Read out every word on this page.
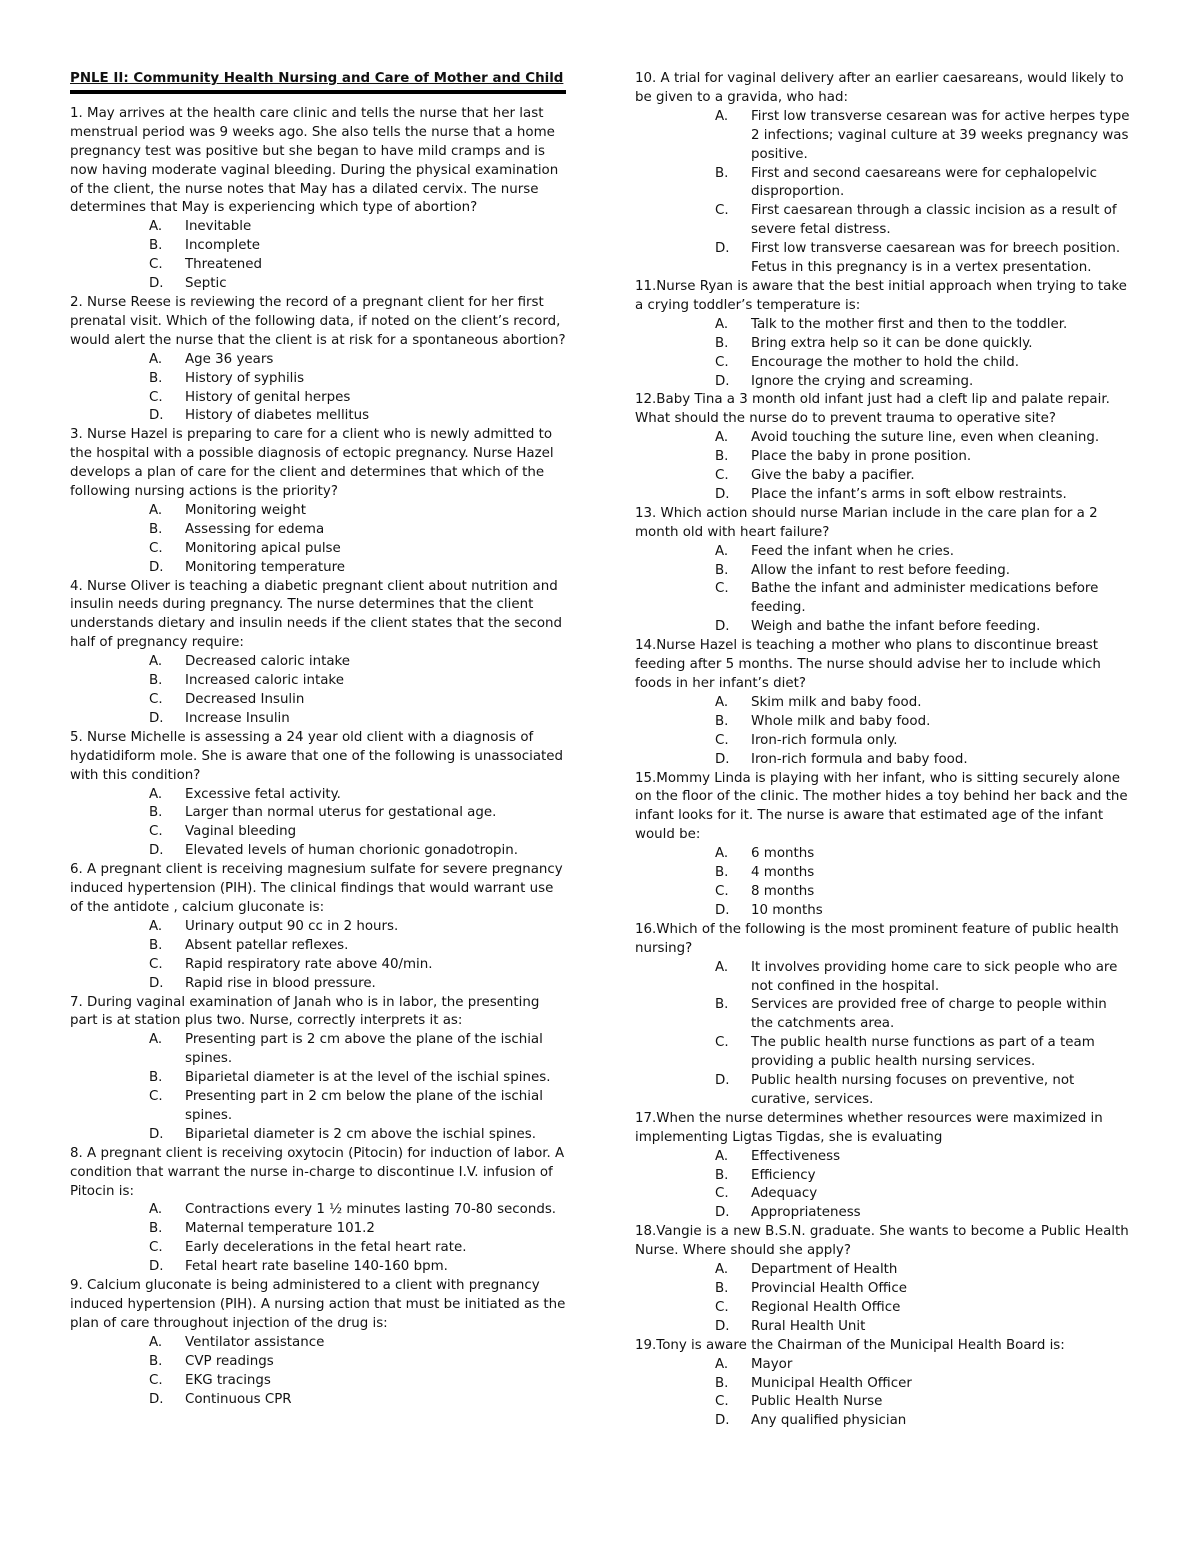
PNLE II: Community Health Nursing and Care of Mother and Child

1. May arrives at the health care clinic and tells the nurse that her last menstrual period was 9 weeks ago. She also tells the nurse that a home pregnancy test was positive but she began to have mild cramps and is now having moderate vaginal bleeding. During the physical examination of the client, the nurse notes that May has a dilated cervix. The nurse determines that May is experiencing which type of abortion?

A.	Inevitable
B.	Incomplete
C.	Threatened
D.	Septic

2. Nurse Reese is reviewing the record of a pregnant client for her first prenatal visit. Which of the following data, if noted on the client’s record, would alert the nurse that the client is at risk for a spontaneous abortion?

A.	Age 36 years
B.	History of syphilis
C.	History of genital herpes
D.	History of diabetes mellitus

3. Nurse Hazel is preparing to care for a client who is newly admitted to the hospital with a possible diagnosis of ectopic pregnancy. Nurse Hazel develops a plan of care for the client and determines that which of the following nursing actions is the priority?

A.	Monitoring weight
B.	Assessing for edema
C.	Monitoring apical pulse
D.	Monitoring temperature

4. Nurse Oliver is teaching a diabetic pregnant client about nutrition and insulin needs during pregnancy. The nurse determines that the client understands dietary and insulin needs if the client states that the second half of pregnancy require:

A.	Decreased caloric intake
B.	Increased caloric intake
C.	Decreased Insulin
D.	Increase Insulin

5. Nurse Michelle is assessing a 24 year old client with a diagnosis of hydatidiform mole. She is aware that one of the following is unassociated with this condition?

A.	Excessive fetal activity.
B.	Larger than normal uterus for gestational age.
C.	Vaginal bleeding
D.	Elevated levels of human chorionic gonadotropin.

6. A pregnant client is receiving magnesium sulfate for severe pregnancy induced hypertension (PIH). The clinical findings that would warrant use of the antidote , calcium gluconate is:

A.	Urinary output 90 cc in 2 hours.
B.	Absent patellar reflexes.
C.	Rapid respiratory rate above 40/min.
D.	Rapid rise in blood pressure.

7. During vaginal examination of Janah who is in labor, the presenting part is at station plus two. Nurse, correctly interprets it as:

A.	Presenting part is 2 cm above the plane of the ischial spines.
B.	Biparietal diameter is at the level of the ischial spines.
C.	Presenting part in 2 cm below the plane of the ischial spines.
D.	Biparietal diameter is 2 cm above the ischial spines.

8. A pregnant client is receiving oxytocin (Pitocin) for induction of labor. A condition that warrant the nurse in-charge to discontinue I.V. infusion of Pitocin is:

A.	Contractions every 1 ½ minutes lasting 70-80 seconds.
B.	Maternal temperature 101.2
C.	Early decelerations in the fetal heart rate.
D.	Fetal heart rate baseline 140-160 bpm.

9. Calcium gluconate is being administered to a client with pregnancy induced hypertension (PIH). A nursing action that must be initiated as the plan of care throughout injection of the drug is:

A.	Ventilator assistance
B.	CVP readings
C.	EKG tracings
D.	Continuous CPR

10. A trial for vaginal delivery after an earlier caesareans, would likely to be given to a gravida, who had:

A.	First low transverse cesarean was for active herpes type 2 infections; vaginal culture at 39 weeks pregnancy was positive.
B.	First and second caesareans were for cephalopelvic disproportion.
C.	First caesarean through a classic incision as a result of severe fetal distress.
D.	First low transverse caesarean was for breech position. Fetus in this pregnancy is in a vertex presentation.

11.Nurse Ryan is aware that the best initial approach when trying to take a crying toddler’s temperature is:

A.	Talk to the mother first and then to the toddler.
B.	Bring extra help so it can be done quickly.
C.	Encourage the mother to hold the child.
D.	Ignore the crying and screaming.

12.Baby Tina a 3 month old infant just had a cleft lip and palate repair. What should the nurse do to prevent trauma to operative site?

A.	Avoid touching the suture line, even when cleaning.
B.	Place the baby in prone position.
C.	Give the baby a pacifier.
D.	Place the infant’s arms in soft elbow restraints.

13. Which action should nurse Marian include in the care plan for a 2 month old with heart failure?

A.	Feed the infant when he cries.
B.	Allow the infant to rest before feeding.
C.	Bathe the infant and administer medications before feeding.
D.	Weigh and bathe the infant before feeding.

14.Nurse Hazel is teaching a mother who plans to discontinue breast feeding after 5 months. The nurse should advise her to include which foods in her infant’s diet?

A.	Skim milk and baby food.
B.	Whole milk and baby food.
C.	Iron-rich formula only.
D.	Iron-rich formula and baby food.

15.Mommy Linda is playing with her infant, who is sitting securely alone on the floor of the clinic. The mother hides a toy behind her back and the infant looks for it. The nurse is aware that estimated age of the infant would be:

A.	6 months
B.	4 months
C.	8 months
D.	10 months

16.Which of the following is the most prominent feature of public health nursing?

A.	It involves providing home care to sick people who are not confined in the hospital.
B.	Services are provided free of charge to people within the catchments area.
C.	The public health nurse functions as part of a team providing a public health nursing services.
D.	Public health nursing focuses on preventive, not curative, services.

17.When the nurse determines whether resources were maximized in implementing Ligtas Tigdas, she is evaluating

A.	Effectiveness
B.	Efficiency
C.	Adequacy
D.	Appropriateness

18.Vangie is a new B.S.N. graduate. She wants to become a Public Health Nurse. Where should she apply?

A.	Department of Health
B.	Provincial Health Office
C.	Regional Health Office
D.	Rural Health Unit

19.Tony is aware the Chairman of the Municipal Health Board is:

A.	Mayor
B.	Municipal Health Officer
C.	Public Health Nurse
D.	Any qualified physician
